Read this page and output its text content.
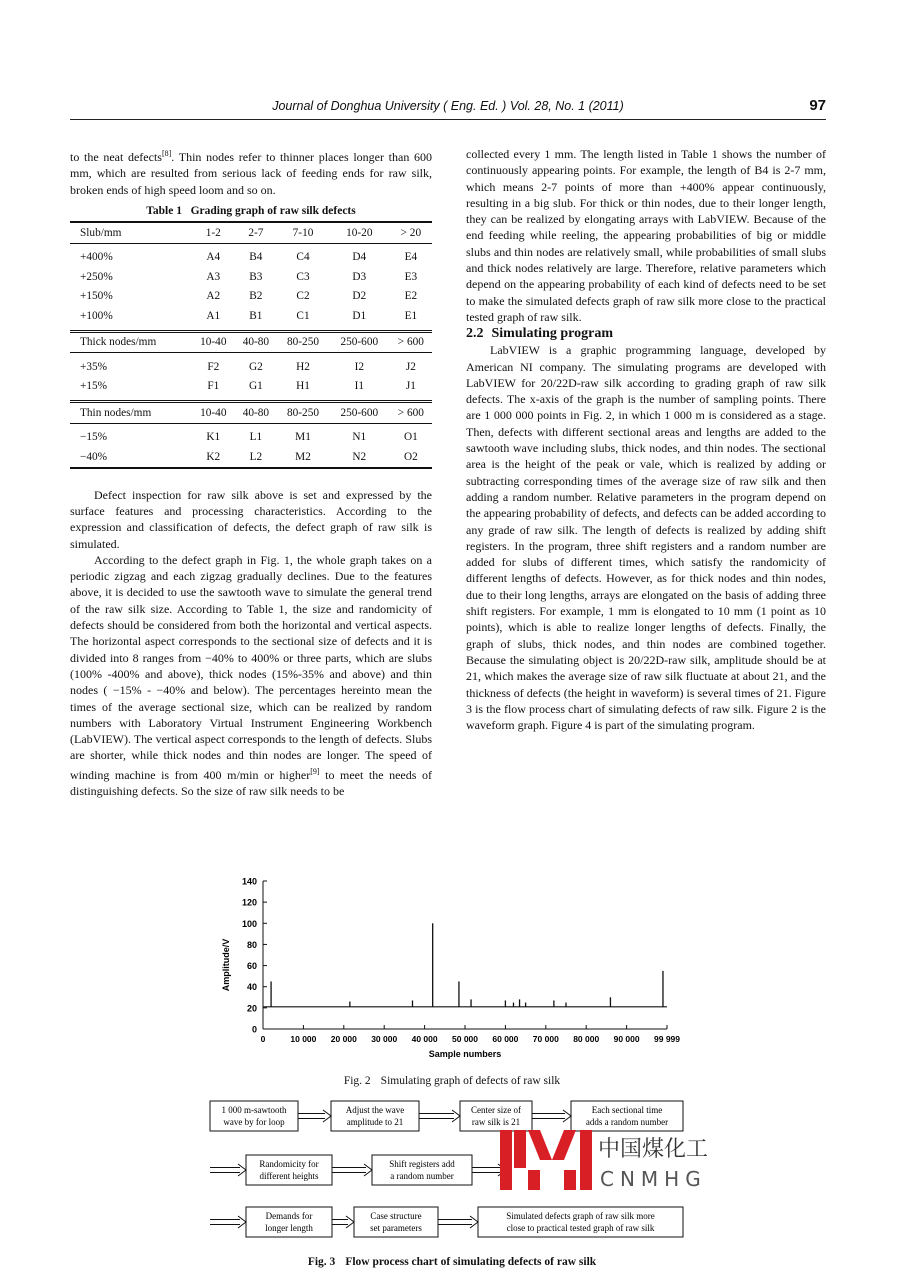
Journal of Donghua University ( Eng. Ed. ) Vol. 28, No. 1 (2011)	97

to the neat defects[8]. Thin nodes refer to thinner places longer than 600 mm, which are resulted from serious lack of feeding ends for raw silk, broken ends of high speed loom and so on.

Table 1 Grading graph of raw silk defects
Slub/mm	1-2	2-7	7-10	10-20	> 20

+400%	A4	B4	C4	D4	E4
+250%	A3	B3	C3	D3	E3
+150%	A2	B2	C2	D2	E2
+100%	A1	B1	C1	D1	E1

Thick nodes/mm	10-40	40-80	80-250	250-600	> 600

+35%	F2	G2	H2	I2	J2
+15%	F1	G1	H1	I1	J1

Thin nodes/mm	10-40	40-80	80-250	250-600	> 600

−15%	K1	L1	M1	N1	O1
−40%	K2	L2	M2	N2	O2

Defect inspection for raw silk above is set and expressed by the surface features and processing characteristics. According to the expression and classification of defects, the defect graph of raw silk is simulated.

According to the defect graph in Fig. 1, the whole graph takes on a periodic zigzag and each zigzag gradually declines. Due to the features above, it is decided to use the sawtooth wave to simulate the general trend of the raw silk size. According to Table 1, the size and randomicity of defects should be considered from both the horizontal and vertical aspects. The horizontal aspect corresponds to the sectional size of defects and it is divided into 8 ranges from −40% to 400% or three parts, which are slubs (100% -400% and above), thick nodes (15%-35% and above) and thin nodes ( −15% - −40% and below). The percentages hereinto mean the times of the average sectional size, which can be realized by random numbers with Laboratory Virtual Instrument Engineering Workbench (LabVIEW). The vertical aspect corresponds to the length of defects. Slubs are shorter, while thick nodes and thin nodes are longer. The speed of winding machine is from 400 m/min or higher[9] to meet the needs of distinguishing defects. So the size of raw silk needs to be

collected every 1 mm. The length listed in Table 1 shows the number of continuously appearing points. For example, the length of B4 is 2-7 mm, which means 2-7 points of more than +400% appear continuously, resulting in a big slub. For thick or thin nodes, due to their longer length, they can be realized by elongating arrays with LabVIEW. Because of the end feeding while reeling, the appearing probabilities of big or middle slubs and thin nodes are relatively small, while probabilities of small slubs and thick nodes relatively are large. Therefore, relative parameters which depend on the appearing probability of each kind of defects need to be set to make the simulated defects graph of raw silk more close to the practical tested graph of raw silk.

2.2 Simulating program

LabVIEW is a graphic programming language, developed by American NI company. The simulating programs are developed with LabVIEW for 20/22D-raw silk according to grading graph of raw silk defects. The x-axis of the graph is the number of sampling points. There are 1 000 000 points in Fig. 2, in which 1 000 m is considered as a stage. Then, defects with different sectional areas and lengths are added to the sawtooth wave including slubs, thick nodes, and thin nodes. The sectional area is the height of the peak or vale, which is realized by adding or subtracting corresponding times of the average size of raw silk and then adding a random number. Relative parameters in the program depend on the appearing probability of defects, and defects can be added according to any grade of raw silk. The length of defects is realized by adding shift registers. In the program, three shift registers and a random number are added for slubs of different times, which satisfy the randomicity of different lengths of defects. However, as for thick nodes and thin nodes, due to their long lengths, arrays are elongated on the basis of adding three shift registers. For example, 1 mm is elongated to 10 mm (1 point as 10 points), which is able to realize longer lengths of defects. Finally, the graph of slubs, thick nodes, and thin nodes are combined together. Because the simulating object is 20/22D-raw silk, amplitude should be at 21, which makes the average size of raw silk fluctuate at about 21, and the thickness of defects (the height in waveform) is several times of 21. Figure 3 is the flow process chart of simulating defects of raw silk. Figure 2 is the waveform graph. Figure 4 is part of the simulating program.

0
20
40
60
80
100
120
140
0	10 000 20 000 30 000 40 000 50 000 60 000 70 000 80 000 90 000 99 999
Sample numbers
Amplitude/V
Fig. 2 Simulating graph of defects of raw silk
1 000 m-sawtooth
wave by for loop
Adjust the wave
amplitude to 21
Center size of
raw silk is 21
Each sectional time
adds a random number
Randomicity for
different heights
Shift registers add
a random number
Demands for
longer length
Case structure
set parameters
Simulated defects graph of raw silk more
close to practical tested graph of raw silk
Fig. 3 Flow process chart of simulating defects of raw silk
中国煤化工
CNMHG
